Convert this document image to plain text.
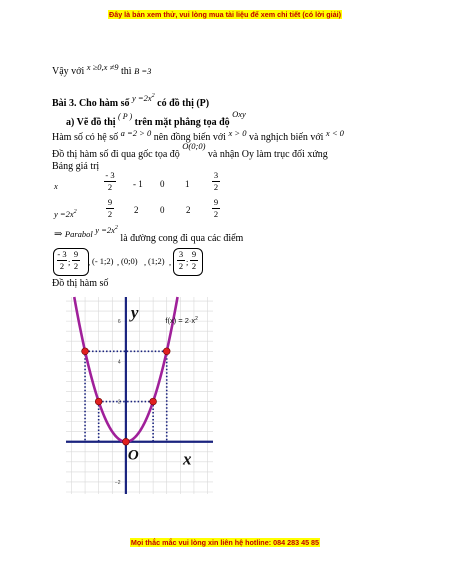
Đây là bản xem thử, vui lòng mua tài liệu để xem chi tiết (có lời giải)
Vậy với $^{x \ge 0,x \ne 9}$ thì B =3
Bài 3. Cho hàm số $^{y =2x^2}$ có đồ thị (P)
a) Vẽ đồ thị $^{( P )}$ trên mặt phẳng tọa độ $^{Oxy}$
Hàm số có hệ số $^{a =2 > 0}$ nên đồng biến với $^{x > 0}$ và nghịch biến với $^{x < 0}$
Đồ thị hàm số đi qua gốc tọa độ $^{O(0;0)}$ và nhận Oy làm trục đối xứng
Bảng giá trị
x
$y =2x^2$
- 3
2	- 1 0 1
3
2
9
2 2 0 2
9
2
⇒ Parabol $^{y =2x^2}$ là đường cong đi qua các điểm
- 3
2 ;
9
2 , (- 1;2) , (0;0) , (1;2) ,
3
2 ;
9
2
Đồ thị hàm số
6
4
2
−2
y
x
O
$f(x) = 2\cdot x^2$
Mọi thắc mắc vui lòng xin liên hệ hotline: 084 283 45 85
